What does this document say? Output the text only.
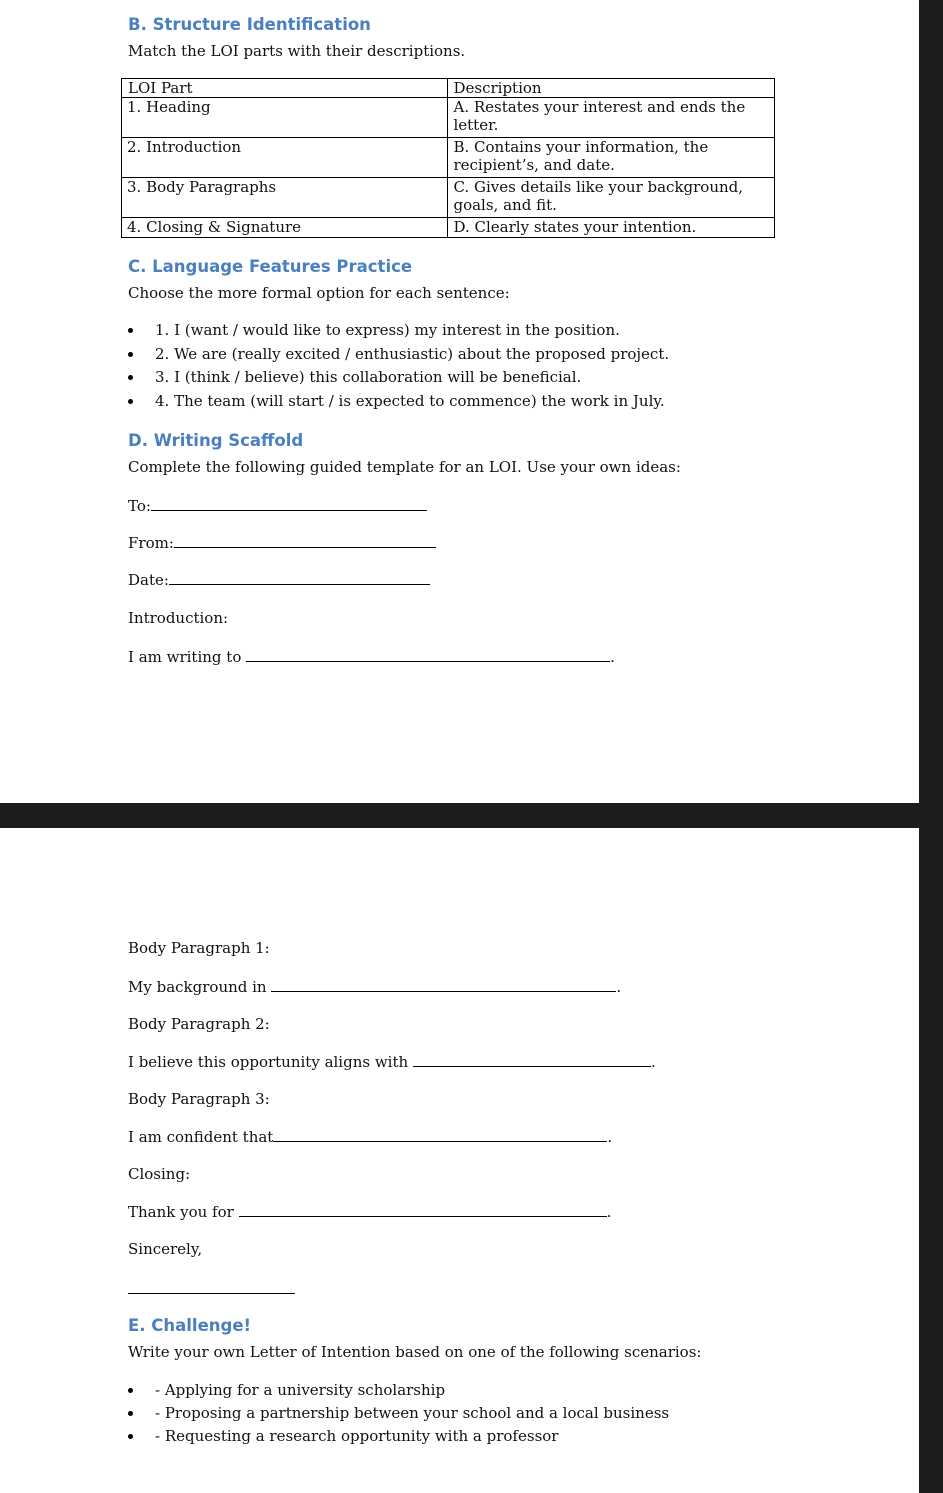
B. Structure Identification
Match the LOI parts with their descriptions.
LOI Part	Description
1. Heading	A. Restates your interest and ends the letter.
2. Introduction	B. Contains your information, the recipient’s, and date.
3. Body Paragraphs	C. Gives details like your background, goals, and fit.
4. Closing & Signature	D. Clearly states your intention.
C. Language Features Practice
Choose the more formal option for each sentence:
1. I (want / would like to express) my interest in the position.
2. We are (really excited / enthusiastic) about the proposed project.
3. I (think / believe) this collaboration will be beneficial.
4. The team (will start / is expected to commence) the work in July.
D. Writing Scaffold
Complete the following guided template for an LOI. Use your own ideas:
To:
From:
Date:
Introduction:
I am writing to	.
Body Paragraph 1:
My background in	.
Body Paragraph 2:
I believe this opportunity aligns with	.
Body Paragraph 3:
I am confident that	.
Closing:
Thank you for	.
Sincerely,
E. Challenge!
Write your own Letter of Intention based on one of the following scenarios:
- Applying for a university scholarship
- Proposing a partnership between your school and a local business
- Requesting a research opportunity with a professor
